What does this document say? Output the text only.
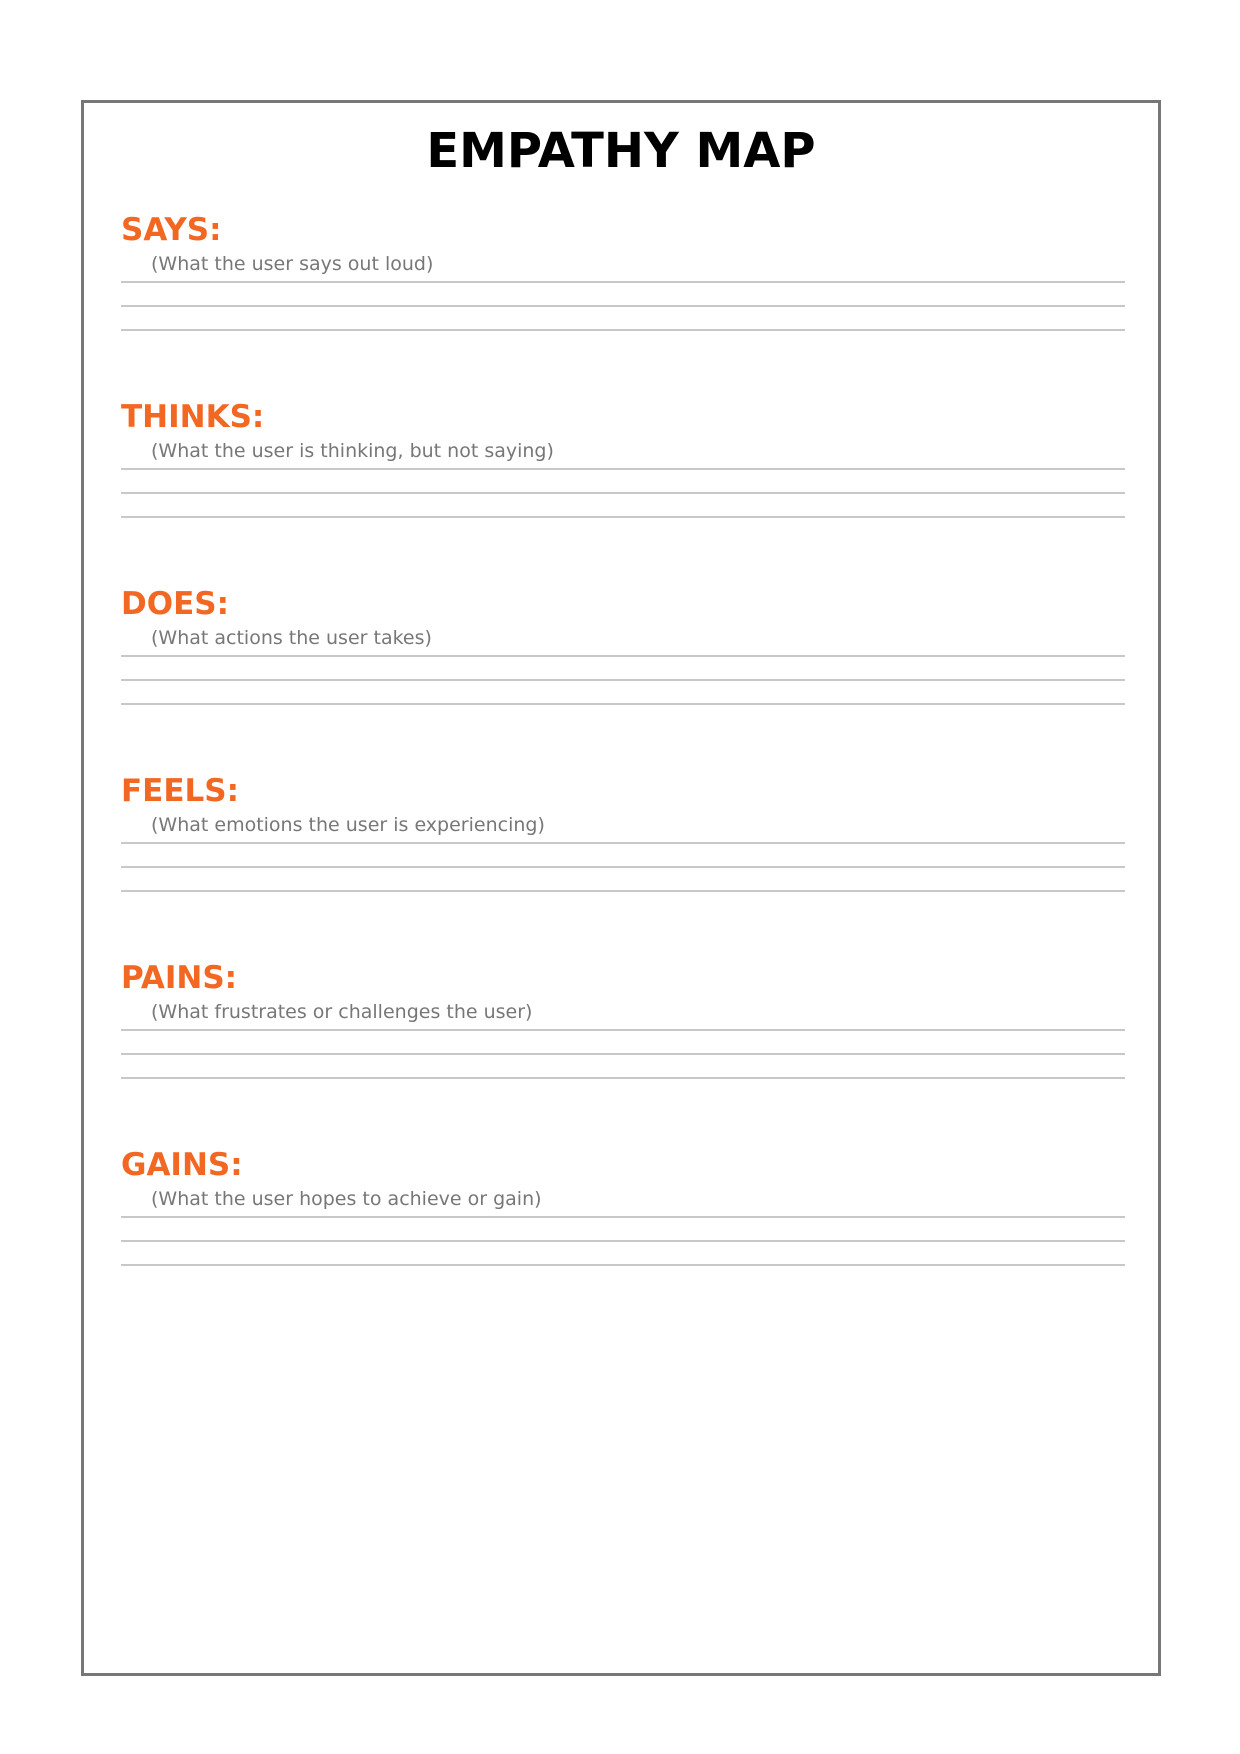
EMPATHY MAP
SAYS:

(What the user says out loud)

THINKS:

(What the user is thinking, but not saying)

DOES:

(What actions the user takes)

FEELS:

(What emotions the user is experiencing)

PAINS:

(What frustrates or challenges the user)

GAINS:

(What the user hopes to achieve or gain)
